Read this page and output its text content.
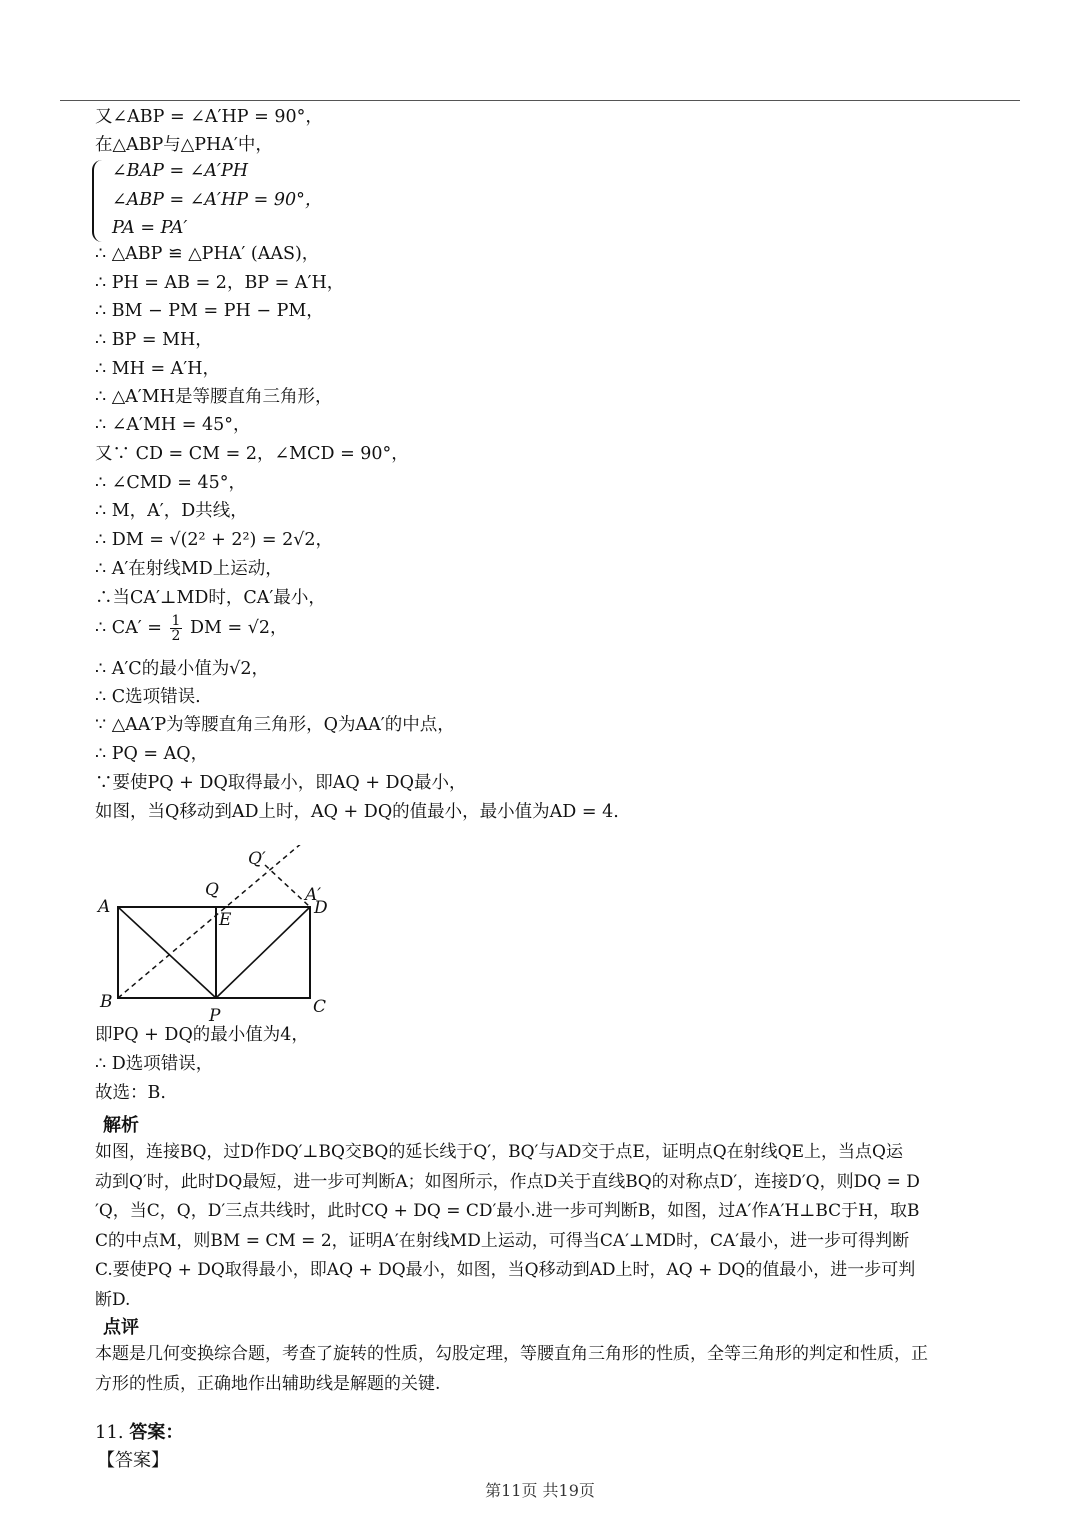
又∠ABP = ∠A′HP = 90°，
在△ABP与△PHA′中，
∴ △ABP ≌ △PHA′ (AAS)，
∴ PH = AB = 2，BP = A′H，
∴ BM − PM = PH − PM，
∴ BP = MH，
∴ MH = A′H，
∴ △A′MH是等腰直角三角形，
∴ ∠A′MH = 45°，
又∵ CD = CM = 2，∠MCD = 90°，
∴ ∠CMD = 45°，
∴ M，A′，D共线，
∴ DM = √(2² + 2²) = 2√2，
∴ A′在射线MD上运动，
∴当CA′⊥MD时，CA′最小，
∴ A′C的最小值为√2，
∴ C选项错误.
∵ △AA′P为等腰直角三角形，Q为AA′的中点，
∴ PQ = AQ，
∵要使PQ + DQ取得最小，即AQ + DQ最小，
如图，当Q移动到AD上时，AQ + DQ的值最小，最小值为AD = 4.
即PQ + DQ的最小值为4，
∴ D选项错误，
故选：B.
∠BAP = ∠A′PH
∠ABP = ∠A′HP = 90°，
PA = PA′
∴ $CA' = \frac{1}{2}$ DM = √2，
A
B	C
D
P
E
Q
Q′
A′
解析
如图，连接BQ，过D作DQ′⊥BQ交BQ的延长线于Q′，BQ′与AD交于点E，证明点Q在射线QE上，当点Q运
动到Q′时，此时DQ最短，进一步可判断A；如图所示，作点D关于直线BQ的对称点D′，连接D′Q，则DQ = D
′Q，当C，Q，D′三点共线时，此时CQ + DQ = CD′最小.进一步可判断B，如图，过A′作A′H⊥BC于H，取B
C的中点M，则BM = CM = 2，证明A′在射线MD上运动，可得当CA′⊥MD时，CA′最小，进一步可得判断
C.要使PQ + DQ取得最小，即AQ + DQ最小，如图，当Q移动到AD上时，AQ + DQ的值最小，进一步可判
断D.
点评
本题是几何变换综合题，考查了旋转的性质，勾股定理，等腰直角三角形的性质，全等三角形的判定和性质，正
方形的性质，正确地作出辅助线是解题的关键.
11. 答案：
【答案】
第11页 共19页
